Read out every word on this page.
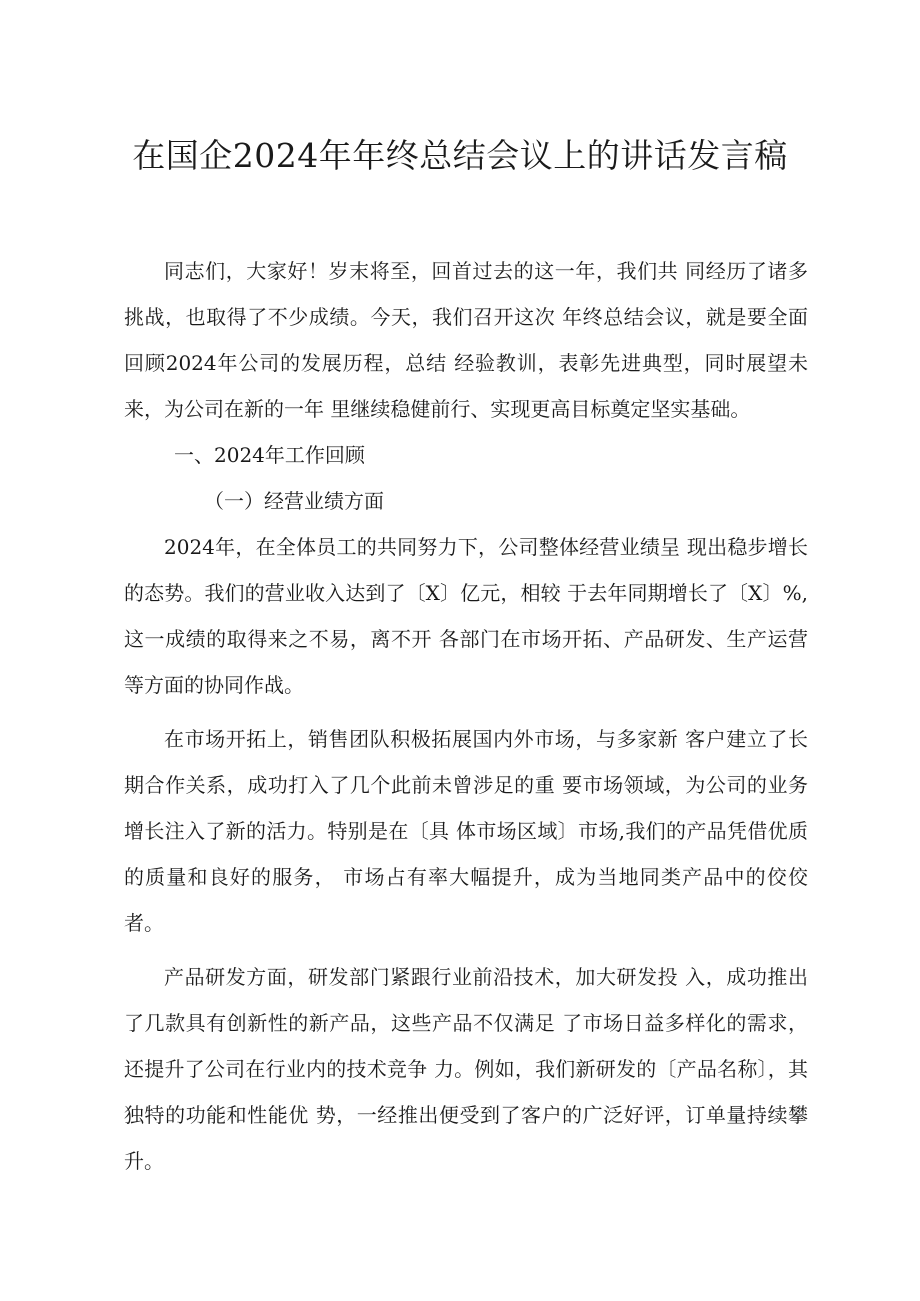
在国企2024年年终总结会议上的讲话发言稿

同志们，大家好！岁末将至，回首过去的这一年，我们共 同经历了诸多挑战，也取得了不少成绩。今天，我们召开这次 年终总结会议，就是要全面回顾2024年公司的发展历程，总结 经验教训，表彰先进典型，同时展望未来，为公司在新的一年 里继续稳健前行、实现更高目标奠定坚实基础。

一、2024年工作回顾

（一）经营业绩方面

2024年，在全体员工的共同努力下，公司整体经营业绩呈 现出稳步增长的态势。我们的营业收入达到了〔X〕亿元，相较 于去年同期增长了〔X〕%,这一成绩的取得来之不易，离不开 各部门在市场开拓、产品研发、生产运营等方面的协同作战。

在市场开拓上，销售团队积极拓展国内外市场，与多家新 客户建立了长期合作关系，成功打入了几个此前未曾涉足的重 要市场领域，为公司的业务增长注入了新的活力。特别是在〔具 体市场区域〕市场,我们的产品凭借优质的质量和良好的服务， 市场占有率大幅提升，成为当地同类产品中的佼佼者。

产品研发方面，研发部门紧跟行业前沿技术，加大研发投 入，成功推出了几款具有创新性的新产品，这些产品不仅满足 了市场日益多样化的需求，还提升了公司在行业内的技术竞争 力。例如，我们新研发的〔产品名称〕，其独特的功能和性能优 势，一经推出便受到了客户的广泛好评，订单量持续攀升。
